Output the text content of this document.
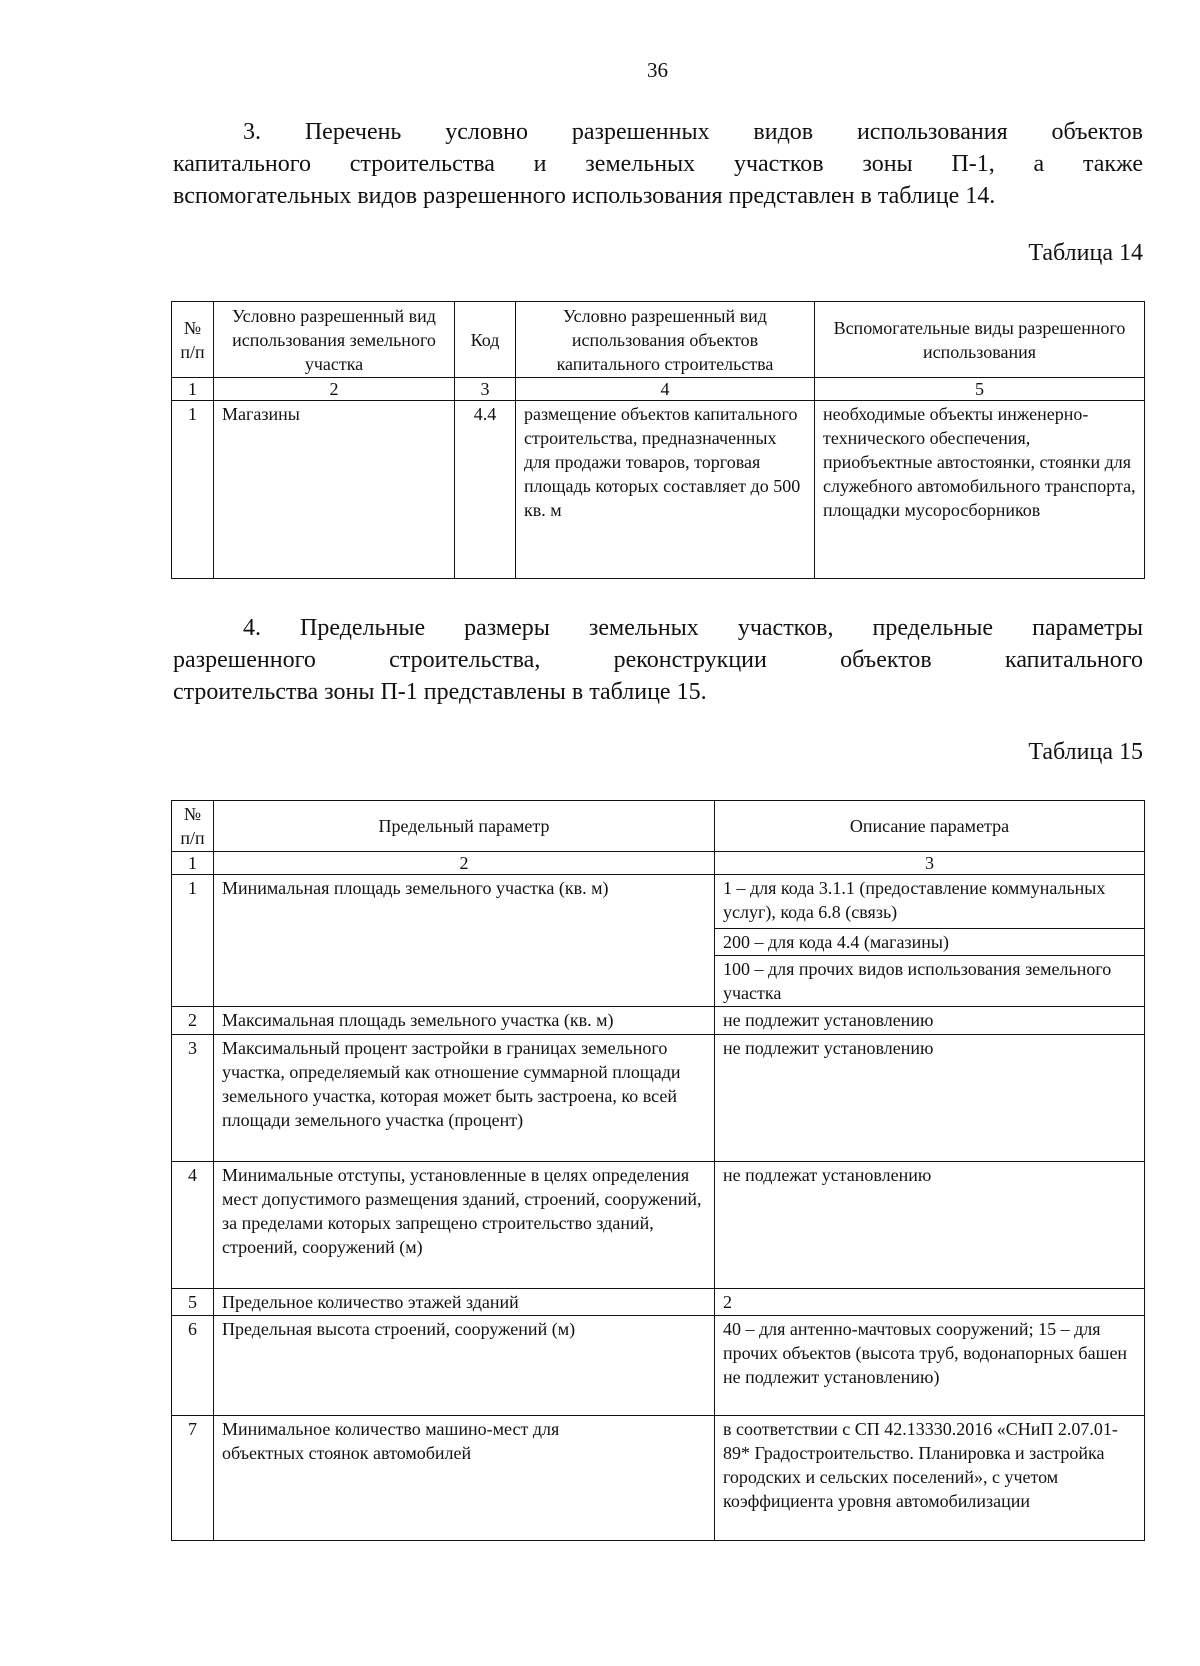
36
3. Перечень условно разрешенных видов использования объектов
капитального строительства и земельных участков зоны П-1, а также
вспомогательных видов разрешенного использования представлен в таблице 14.
Таблица 14
№ п/п	Условно разрешенный вид использования земельного участка	Код	Условно разрешенный вид использования объектов капитального строительства	Вспомогательные виды разрешенного использования
1	2	3	4	5
1	Магазины	4.4	размещение объектов капитального строительства, предназначенных для продажи товаров, торговая площадь которых составляет до 500 кв. м	необходимые объекты инженерно-технического обеспечения, приобъектные автостоянки, стоянки для служебного автомобильного транспорта, площадки мусоросборников
4. Предельные размеры земельных участков, предельные параметры
разрешенного строительства, реконструкции объектов капитального
строительства зоны П-1 представлены в таблице 15.
Таблица 15
№ п/п	Предельный параметр	Описание параметра
1	2	3
1	Минимальная площадь земельного участка (кв. м)	1 – для кода 3.1.1 (предоставление коммунальных услуг), кода 6.8 (связь)
		200 – для кода 4.4 (магазины)
		100 – для прочих видов использования земельного участка
2	Максимальная площадь земельного участка (кв. м)	не подлежит установлению
3	Максимальный процент застройки в границах земельного участка, определяемый как отношение суммарной площади земельного участка, которая может быть застроена, ко всей площади земельного участка (процент)	не подлежит установлению
4	Минимальные отступы, установленные в целях определения мест допустимого размещения зданий, строений, сооружений, за пределами которых запрещено строительство зданий, строений, сооружений (м)	не подлежат установлению
5	Предельное количество этажей зданий	2
6	Предельная высота строений, сооружений (м)	40 – для антенно-мачтовых сооружений; 15 – для прочих объектов (высота труб, водонапорных башен не подлежит установлению)
7	Минимальное количество машино-мест для объектных стоянок автомобилей	в соответствии с СП 42.13330.2016 «СНиП 2.07.01-89* Градостроительство. Планировка и застройка городских и сельских поселений», с учетом коэффициента уровня автомобилизации
